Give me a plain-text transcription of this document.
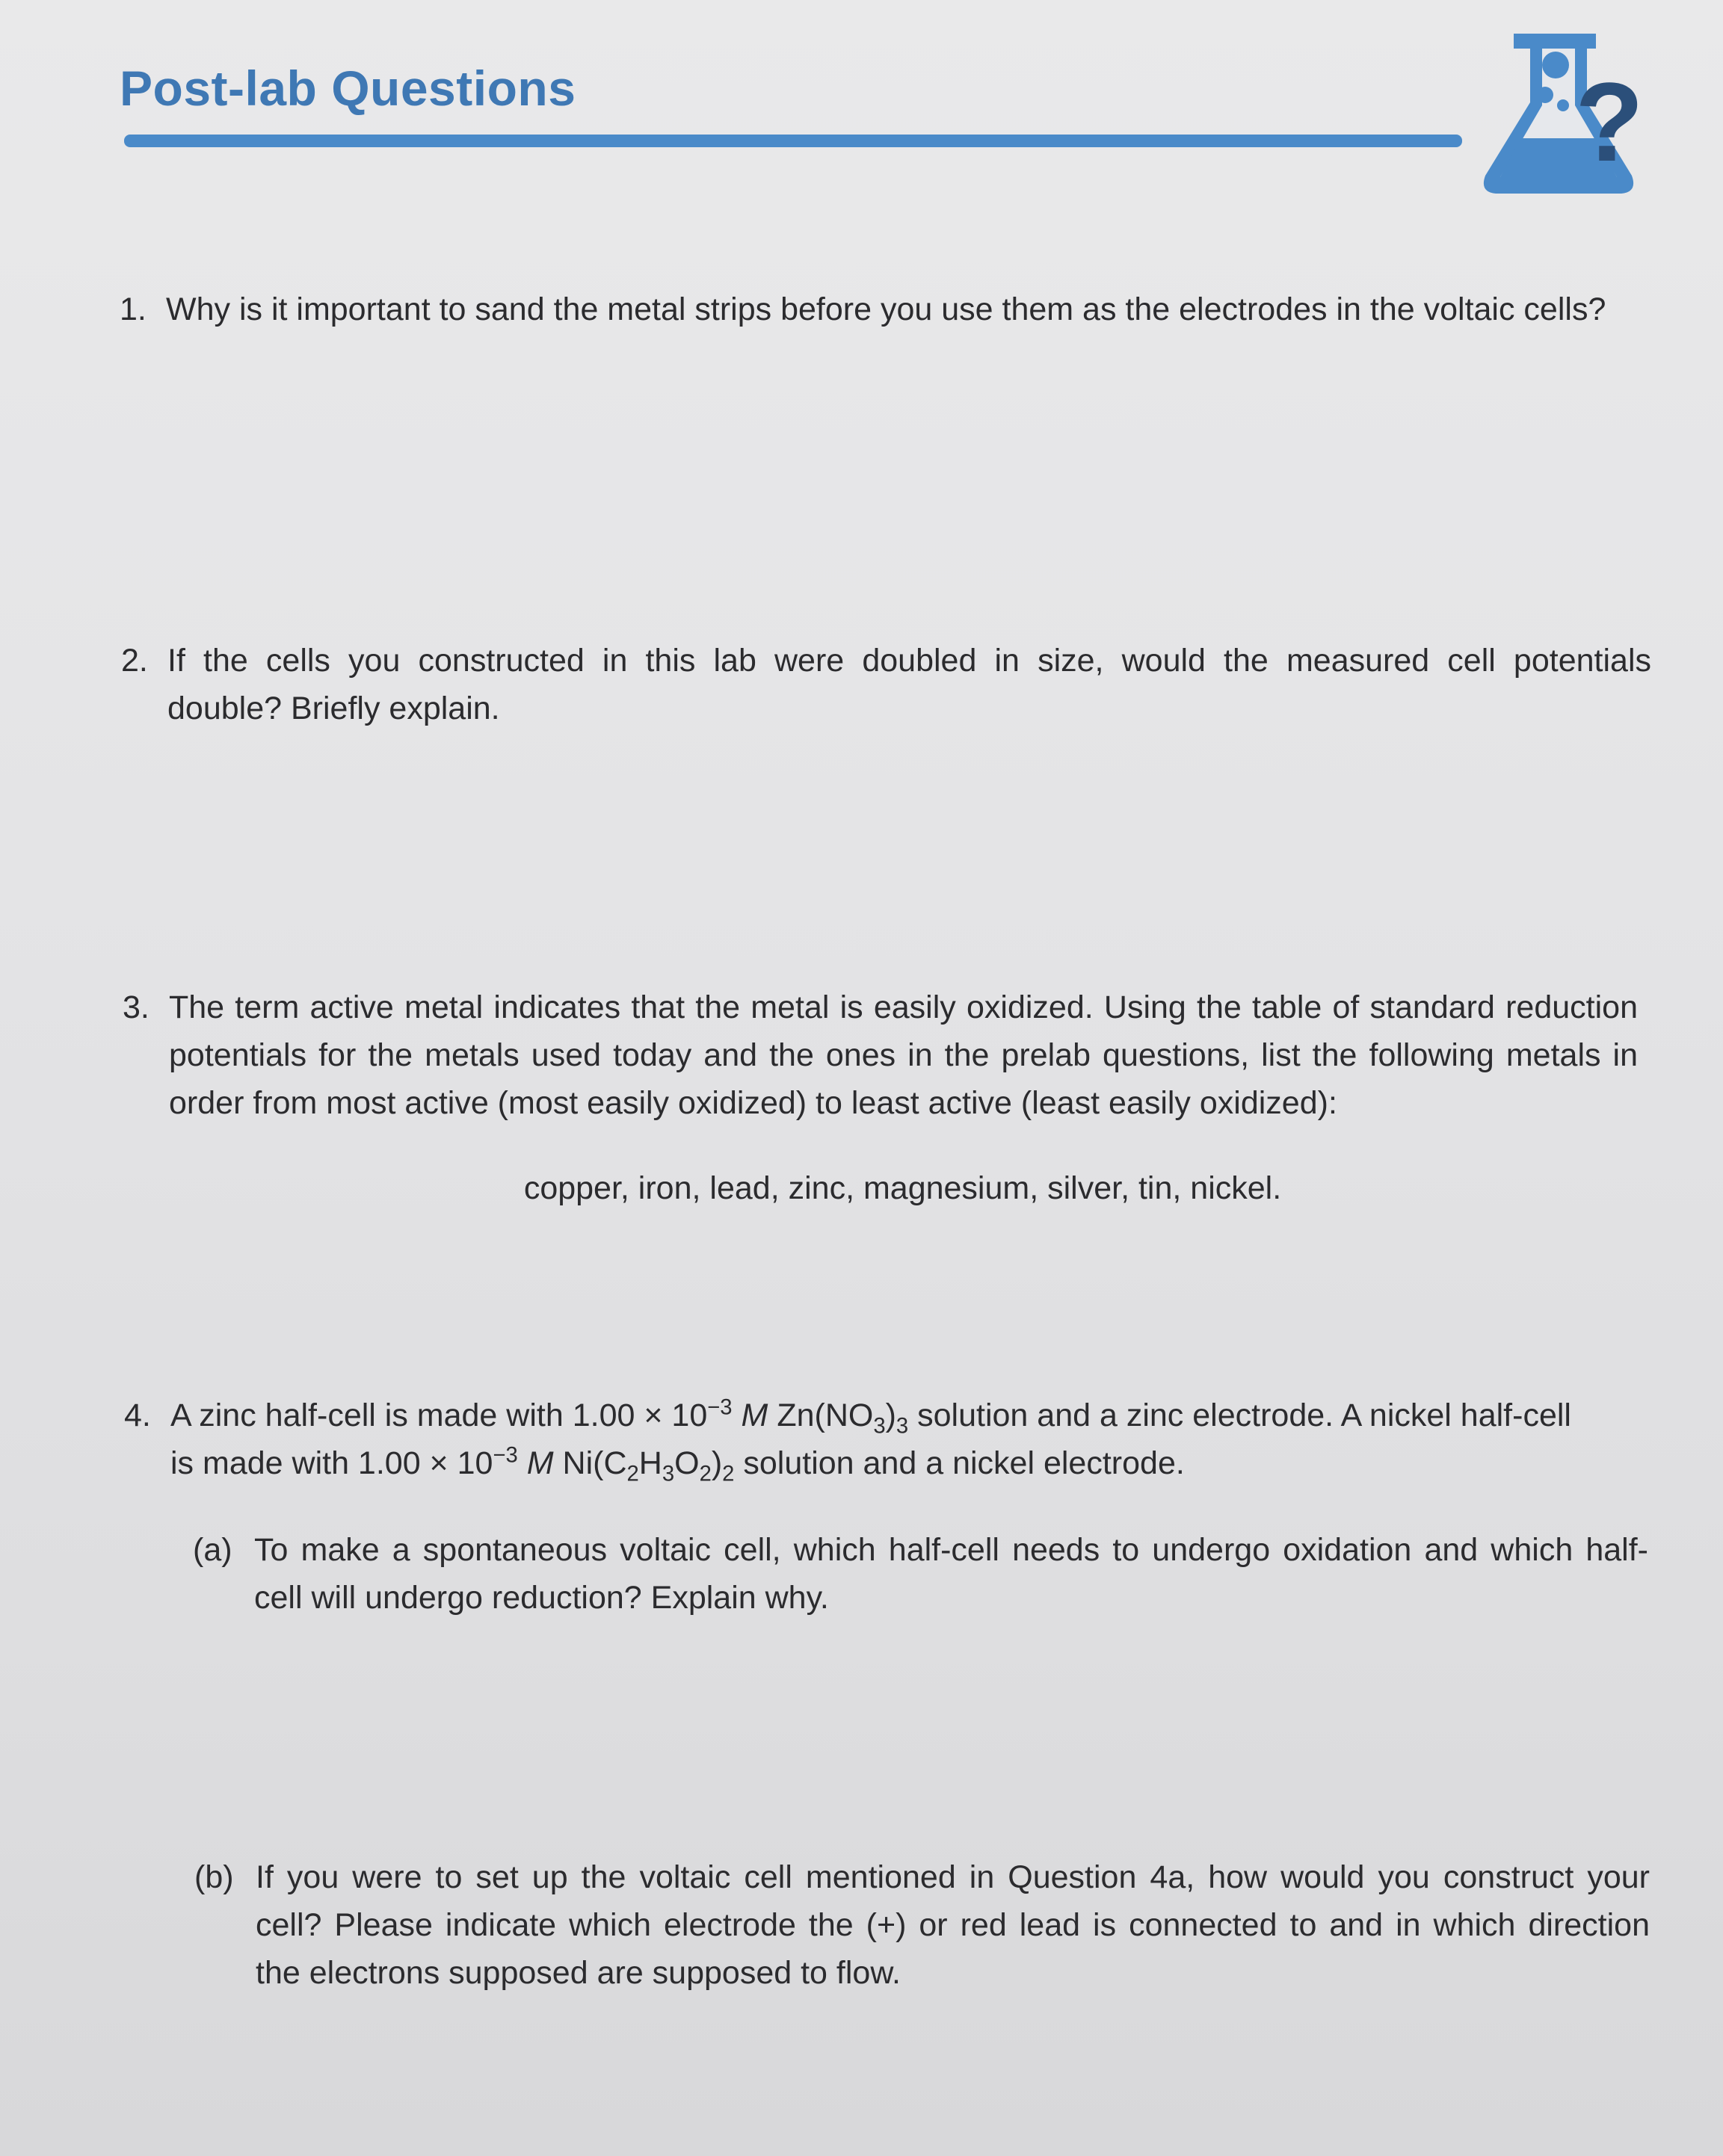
Post-lab Questions	?
1. Why is it important to sand the metal strips before you use them as the electrodes in the voltaic cells?
2. If the cells you constructed in this lab were doubled in size, would the measured cell potentials
double? Briefly explain.
3. The term active metal indicates that the metal is easily oxidized. Using the table of standard reduction
potentials for the metals used today and the ones in the prelab questions, list the following metals in
order from most active (most easily oxidized) to least active (least easily oxidized):
copper, iron, lead, zinc, magnesium, silver, tin, nickel.
4. A zinc half-cell is made with $1.00 \times 10^{-3}$ M $Zn(NO_3)_3$ solution and a zinc electrode. A nickel half-cell
is made with $1.00 \times 10^{-3}$ M $Ni(C_2H_3O_2)_2$ solution and a nickel electrode.
(a) To make a spontaneous voltaic cell, which half-cell needs to undergo oxidation and which half-
cell will undergo reduction? Explain why.
(b) If you were to set up the voltaic cell mentioned in Question 4a, how would you construct your
cell? Please indicate which electrode the (+) or red lead is connected to and in which direction
the electrons supposed are supposed to flow.
